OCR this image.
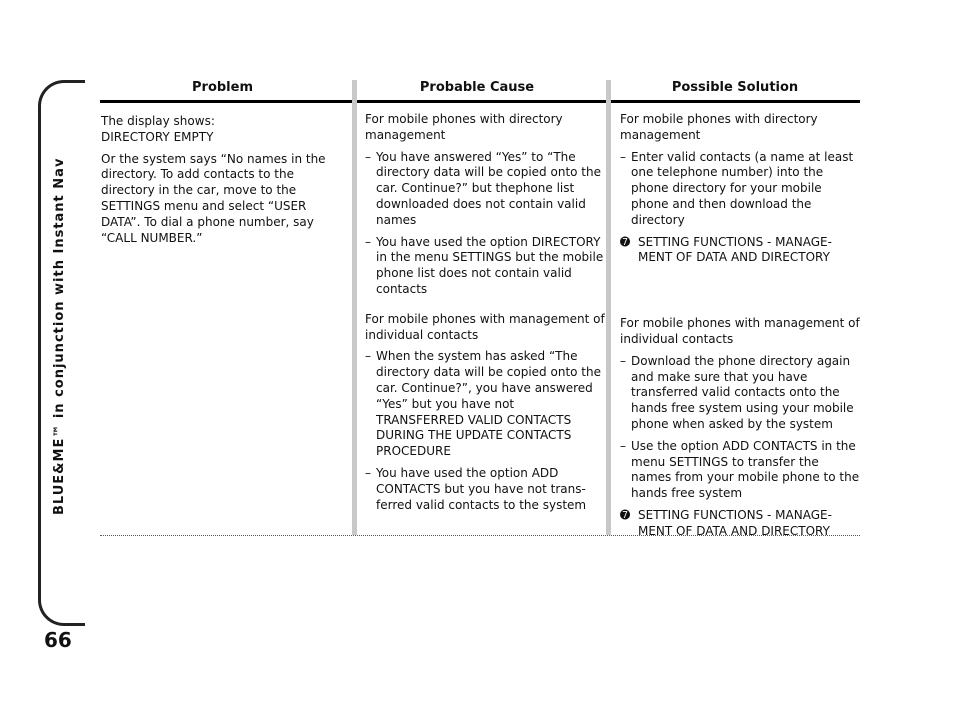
BLUE&ME™ in conjunction with Instant Nav
66
Problem	Probable Cause	Possible Solution

The display shows:
DIRECTORY EMPTY

Or the system says “No names in the directory. To add contacts to the directory in the car, move to the SETTINGS menu and select “USER DATA”. To dial a phone number, say “CALL NUMBER.”

For mobile phones with directory management

– You have answered “Yes” to “The directory data will be copied onto the car. Continue?” but thephone list downloaded does not contain valid names
– You have used the option DIRECTORY in the menu SETTINGS but the mobile phone list does not contain valid contacts

For mobile phones with management of individual contacts

– When the system has asked “The directory data will be copied onto the car. Continue?”, you have answered “Yes” but you have not TRANSFERRED VALID CONTACTS DURING THE UPDATE CONTACTS PROCEDURE
– You have used the option ADD CONTACTS but you have not trans-ferred valid contacts to the system

For mobile phones with directory management

– Enter valid contacts (a name at least one telephone number) into the phone directory for your mobile phone and then download the directory
➐ SETTING FUNCTIONS - MANAGE-MENT OF DATA AND DIRECTORY

For mobile phones with management of individual contacts

– Download the phone directory again and make sure that you have transferred valid contacts onto the hands free system using your mobile phone when asked by the system
– Use the option ADD CONTACTS in the menu SETTINGS to transfer the names from your mobile phone to the hands free system
➐ SETTING FUNCTIONS - MANAGE-MENT OF DATA AND DIRECTORY
